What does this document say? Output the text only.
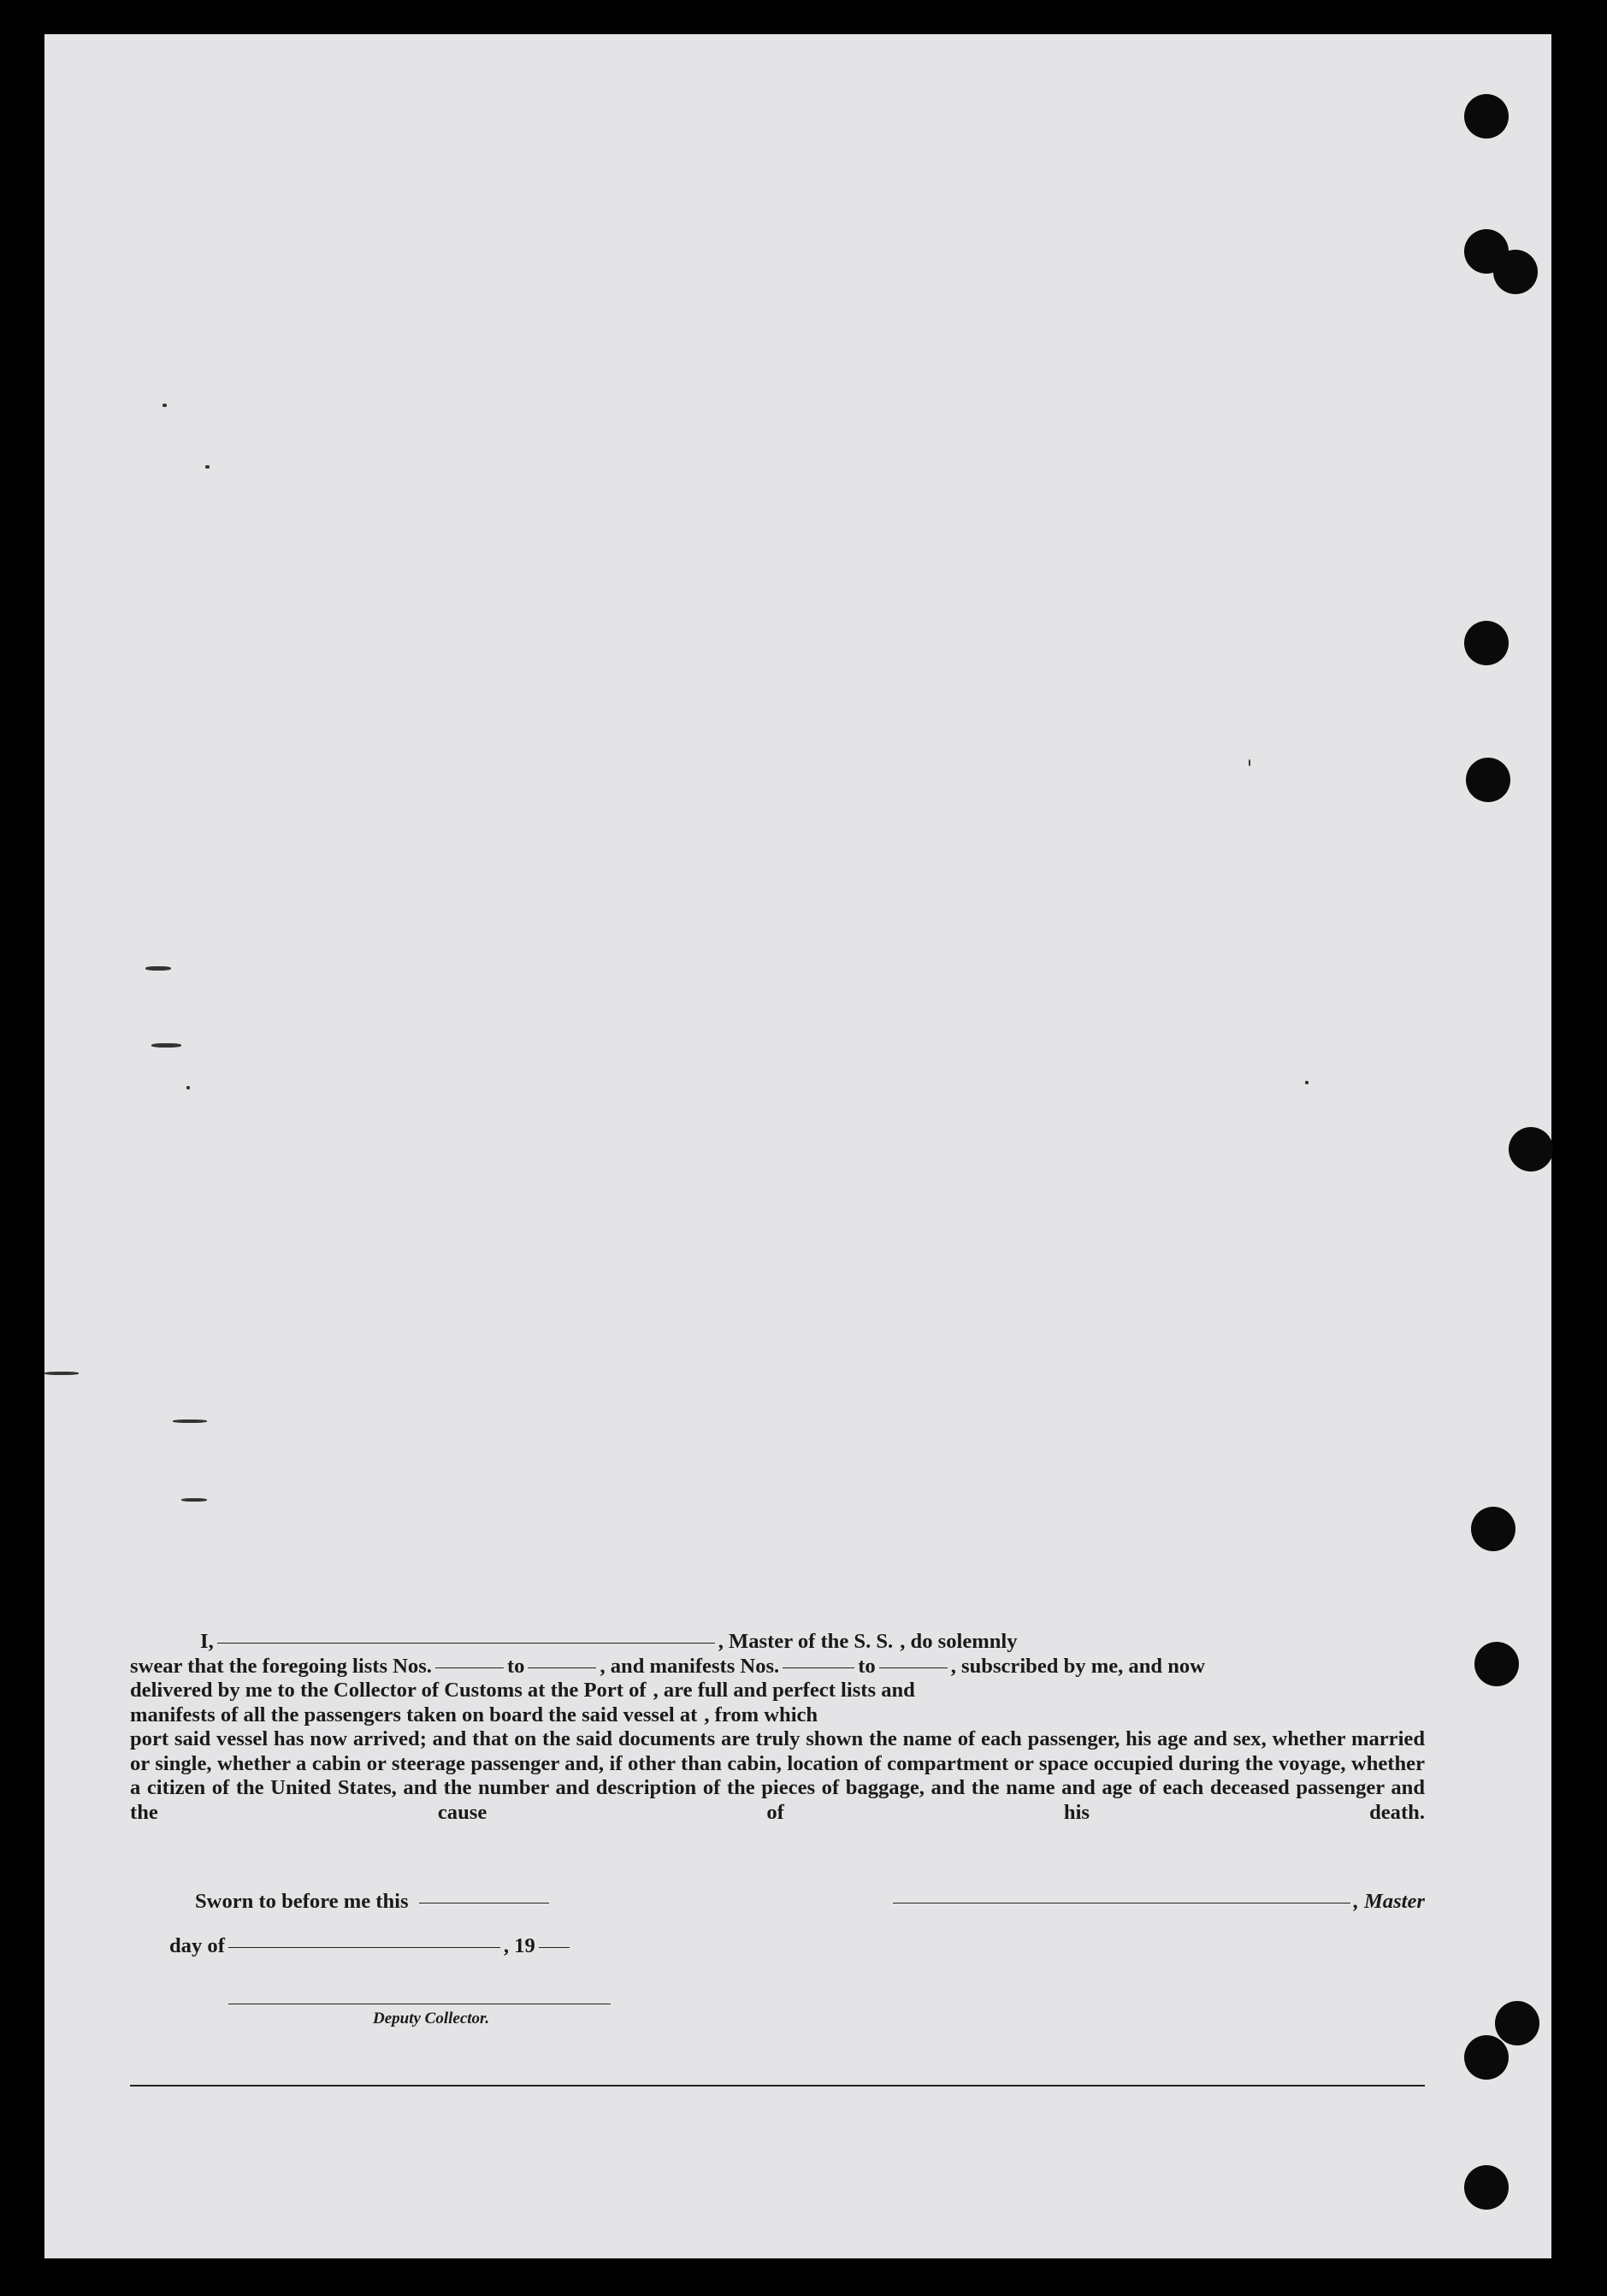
I,	, Master of the S. S. , do solemnly
swear that the foregoing lists Nos.	to	, and manifests Nos.	to	, subscribed by me, and now
delivered by me to the Collector of Customs at the Port of , are full and perfect lists and
manifests of all the passengers taken on board the said vessel at , from which
port said vessel has now arrived; and that on the said documents are truly shown the name of each passenger, his age and sex, whether married or single, whether a cabin or steerage passenger and, if other than cabin, location of compartment or space occupied during the voyage, whether a citizen of the United States, and the number and description of the pieces of baggage, and the name and age of each deceased passenger and the cause of his death.
Sworn to before me this	, Master
day of	, 19
Deputy Collector.
